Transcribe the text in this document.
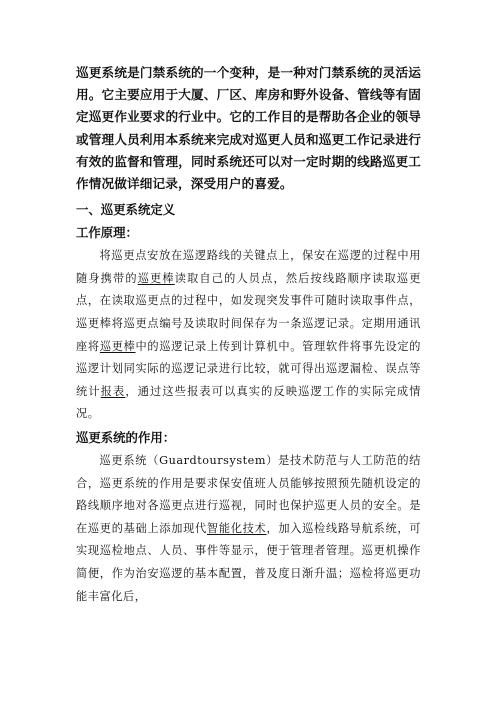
巡更系统是门禁系统的一个变种，是一种对门禁系统的灵活运用。它主要应用于大厦、厂区、库房和野外设备、管线等有固定巡更作业要求的行业中。它的工作目的是帮助各企业的领导或管理人员利用本系统来完成对巡更人员和巡更工作记录进行有效的监督和管理，同时系统还可以对一定时期的线路巡更工作情况做详细记录，深受用户的喜爱。

一、巡更系统定义
工作原理：

将巡更点安放在巡逻路线的关键点上，保安在巡逻的过程中用随身携带的巡更棒读取自己的人员点，然后按线路顺序读取巡更点，在读取巡更点的过程中，如发现突发事件可随时读取事件点，巡更棒将巡更点编号及读取时间保存为一条巡逻记录。定期用通讯座将巡更棒中的巡逻记录上传到计算机中。管理软件将事先设定的巡逻计划同实际的巡逻记录进行比较，就可得出巡逻漏检、误点等统计报表，通过这些报表可以真实的反映巡逻工作的实际完成情况。

巡更系统的作用：

巡更系统（Guardtoursystem）是技术防范与人工防范的结合，巡更系统的作用是要求保安值班人员能够按照预先随机设定的路线顺序地对各巡更点进行巡视，同时也保护巡更人员的安全。是在巡更的基础上添加现代智能化技术，加入巡检线路导航系统，可实现巡检地点、人员、事件等显示，便于管理者管理。巡更机操作简便，作为治安巡逻的基本配置，普及度日渐升温；巡检将巡更功能丰富化后，
